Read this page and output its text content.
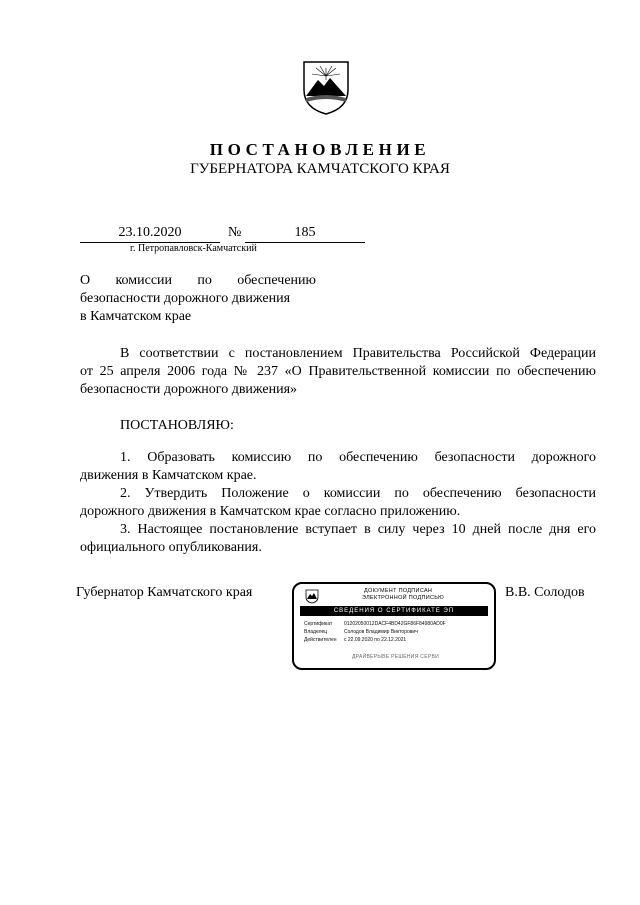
ПОСТАНОВЛЕНИЕ
ГУБЕРНАТОРА КАМЧАТСКОГО КРАЯ
23.10.2020	№	185
г. Петропавловск-Камчатский
О комиссии по обеспечению
безопасности дорожного движения
в Камчатском крае
В соответствии с постановлением Правительства Российской Федерации
от 25 апреля 2006 года № 237 «О Правительственной комиссии по обеспечению
безопасности дорожного движения»
ПОСТАНОВЛЯЮ:
1. Образовать комиссию по обеспечению безопасности дорожного
движения в Камчатском крае.
2. Утвердить Положение о комиссии по обеспечению безопасности
дорожного движения в Камчатском крае согласно приложению.
3. Настоящее постановление вступает в силу через 10 дней после дня его
официального опубликования.
Губернатор Камчатского края	В.В. Солодов
ДОКУМЕНТ ПОДПИСАН
ЭЛЕКТРОННОЙ ПОДПИСЬЮ
СВЕДЕНИЯ О СЕРТИФИКАТЕ ЭП
Сертификат 01202050012DACF4BD42GF86F84980AD0F
Владелец	Солодов Владимир Викторович
Действителен с 22.09.2020 по 22.12.2021
ДРАЙВЕРЫВЕ РЕШЕНИЯ СЕРВИ
